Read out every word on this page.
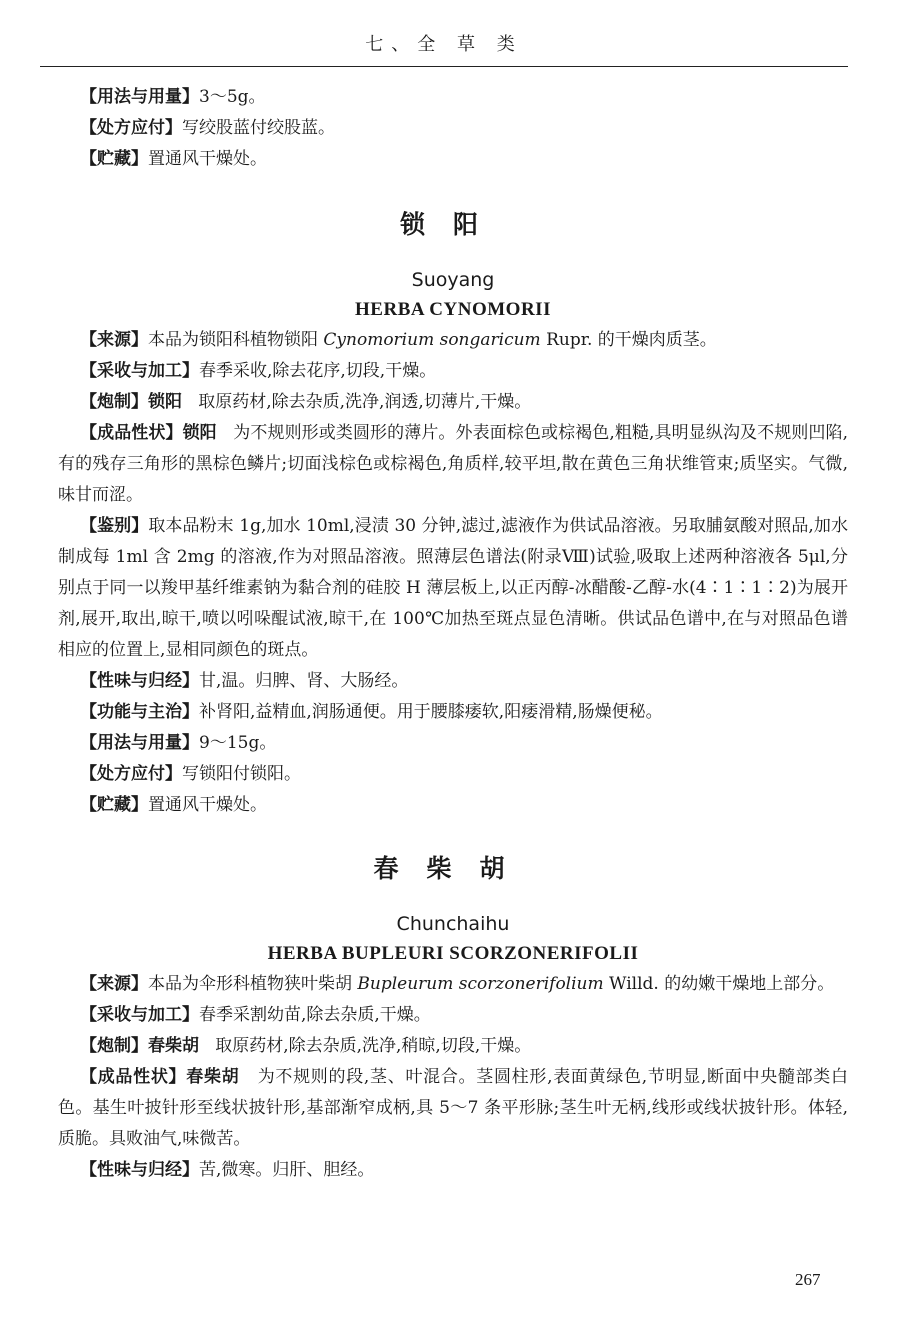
七、全 草 类

【用法与用量】3～5g。

【处方应付】写绞股蓝付绞股蓝。

【贮藏】置通风干燥处。

锁阳

Suoyang

HERBA CYNOMORII

【来源】本品为锁阳科植物锁阳 Cynomorium songaricum Rupr. 的干燥肉质茎。

【采收与加工】春季采收,除去花序,切段,干燥。

【炮制】锁阳 取原药材,除去杂质,洗净,润透,切薄片,干燥。

【成品性状】锁阳 为不规则形或类圆形的薄片。外表面棕色或棕褐色,粗糙,具明显纵沟及不规则凹陷,有的残存三角形的黑棕色鳞片;切面浅棕色或棕褐色,角质样,较平坦,散在黄色三角状维管束;质坚实。气微,味甘而涩。

【鉴别】取本品粉末 1g,加水 10ml,浸渍 30 分钟,滤过,滤液作为供试品溶液。另取脯氨酸对照品,加水制成每 1ml 含 2mg 的溶液,作为对照品溶液。照薄层色谱法(附录Ⅷ)试验,吸取上述两种溶液各 5μl,分别点于同一以羧甲基纤维素钠为黏合剂的硅胶 H 薄层板上,以正丙醇-冰醋酸-乙醇-水(4∶1∶1∶2)为展开剂,展开,取出,晾干,喷以吲哚醌试液,晾干,在 100℃加热至斑点显色清晰。供试品色谱中,在与对照品色谱相应的位置上,显相同颜色的斑点。

【性味与归经】甘,温。归脾、肾、大肠经。

【功能与主治】补肾阳,益精血,润肠通便。用于腰膝痿软,阳痿滑精,肠燥便秘。

【用法与用量】9～15g。

【处方应付】写锁阳付锁阳。

【贮藏】置通风干燥处。

春柴胡

Chunchaihu

HERBA BUPLEURI SCORZONERIFOLII

【来源】本品为伞形科植物狭叶柴胡 Bupleurum scorzonerifolium Willd. 的幼嫩干燥地上部分。

【采收与加工】春季采割幼苗,除去杂质,干燥。

【炮制】春柴胡 取原药材,除去杂质,洗净,稍晾,切段,干燥。

【成品性状】春柴胡 为不规则的段,茎、叶混合。茎圆柱形,表面黄绿色,节明显,断面中央髓部类白色。基生叶披针形至线状披针形,基部渐窄成柄,具 5～7 条平形脉;茎生叶无柄,线形或线状披针形。体轻,质脆。具败油气,味微苦。

【性味与归经】苦,微寒。归肝、胆经。

267
